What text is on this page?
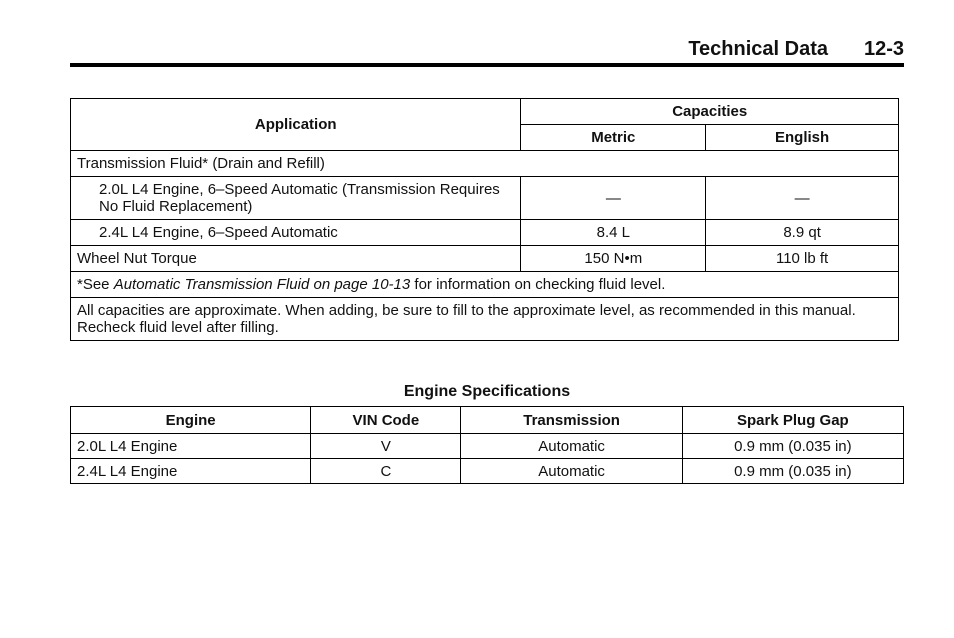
Technical Data 12-3
Application	Capacities	
	Metric	English
Transmission Fluid* (Drain and Refill)		
2.0L L4 Engine, 6–Speed Automatic (Transmission Requires No Fluid Replacement)	—	—
2.4L L4 Engine, 6–Speed Automatic	8.4 L	8.9 qt
Wheel Nut Torque	150 N•m	110 lb ft
*See Automatic Transmission Fluid on page 10-13 for information on checking fluid level.		
All capacities are approximate. When adding, be sure to fill to the approximate level, as recommended in this manual. Recheck fluid level after filling.		
Engine Specifications
Engine	VIN Code	Transmission	Spark Plug Gap
2.0L L4 Engine	V	Automatic	0.9 mm (0.035 in)
2.4L L4 Engine	C	Automatic	0.9 mm (0.035 in)
